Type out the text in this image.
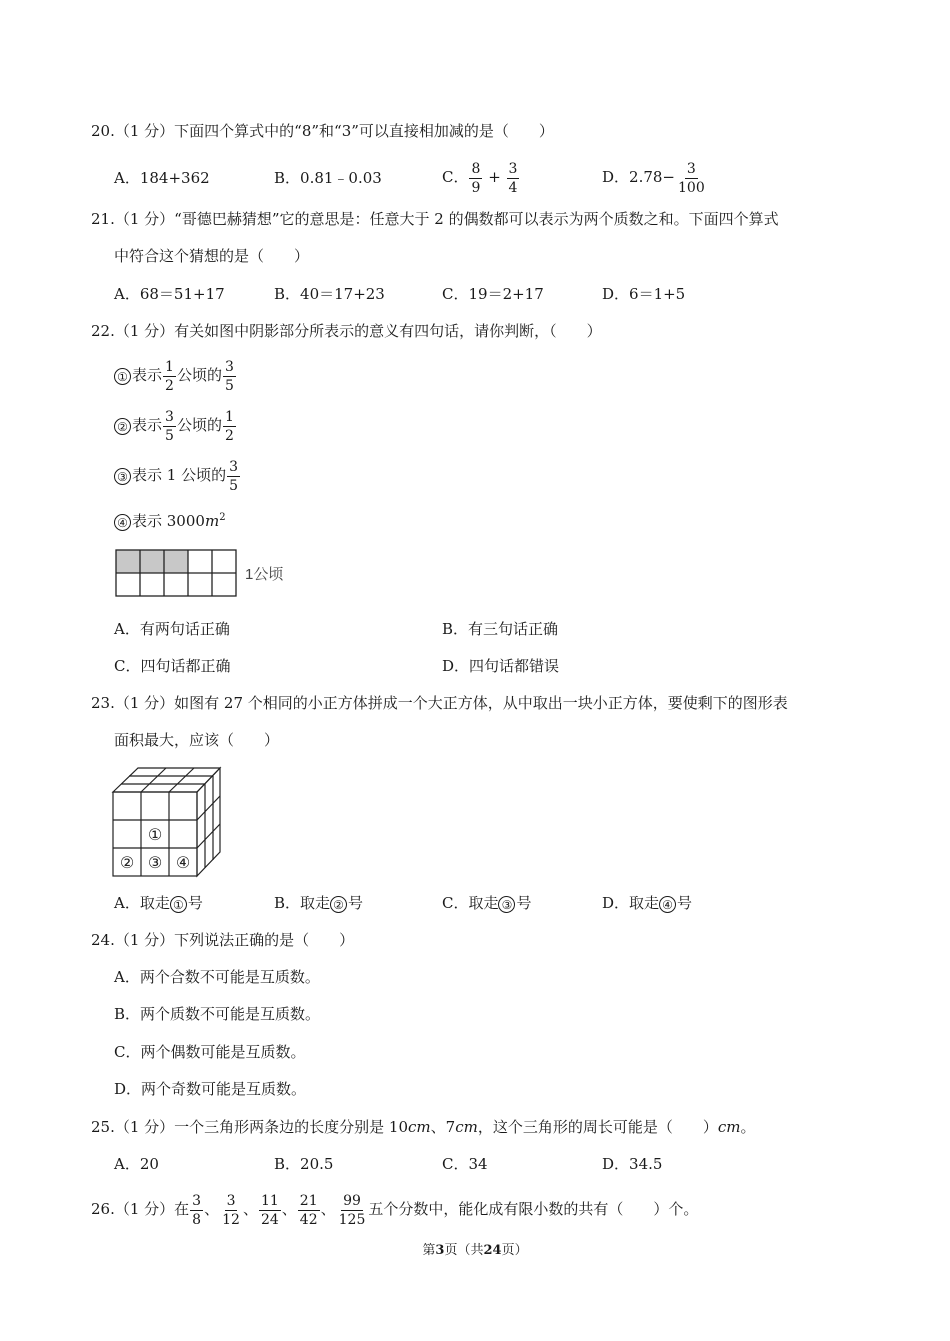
20.（1 分）下面四个算式中的“8”和“3”可以直接相加减的是（　　）
A．184+362	B．0.81﹣0.03	C． $\frac{8}{9} + \frac{3}{4}$	D．$2.78- \frac{3}{100}$
21.（1 分）“哥德巴赫猜想”它的意思是：任意大于 2 的偶数都可以表示为两个质数之和。下面四个算式
中符合这个猜想的是（　　）
A．68＝51+17	B．40＝17+23	C．19＝2+17	D．6＝1+5
22.（1 分）有关如图中阴影部分所表示的意义有四句话，请你判断，（　　）
① 表示 $\frac{1}{2}$ 公顷的 $\frac{3}{5}$
② 表示 $\frac{3}{5}$ 公顷的 $\frac{1}{2}$
③ 表示 1 公顷的 $\frac{3}{5}$
④ 表示 $3000m^2$
1公顷
A．有两句话正确	B．有三句话正确
C．四句话都正确	D．四句话都错误
23.（1 分）如图有 27 个相同的小正方体拼成一个大正方体，从中取出一块小正方体，要使剩下的图形表
面积最大，应该（　　）
①
② ③ ④
A．取走 ① 号	B．取走 ② 号	C．取走 ③ 号	D．取走 ④ 号
24.（1 分）下列说法正确的是（　　）
A．两个合数不可能是互质数。
B．两个质数不可能是互质数。
C．两个偶数可能是互质数。
D．两个奇数可能是互质数。
25.（1 分）一个三角形两条边的长度分别是 10cm、7cm，这个三角形的周长可能是（　　）cm。
A．20	B．20.5	C．34	D．34.5
26.（1 分）在 $\frac{3}{8}$ 、 $\frac{3}{12}$ 、 $\frac{11}{24}$ 、 $\frac{21}{42}$ 、 $\frac{99}{125}$ 五个分数中，能化成有限小数的共有（　　）个。
第3页（共24页）
